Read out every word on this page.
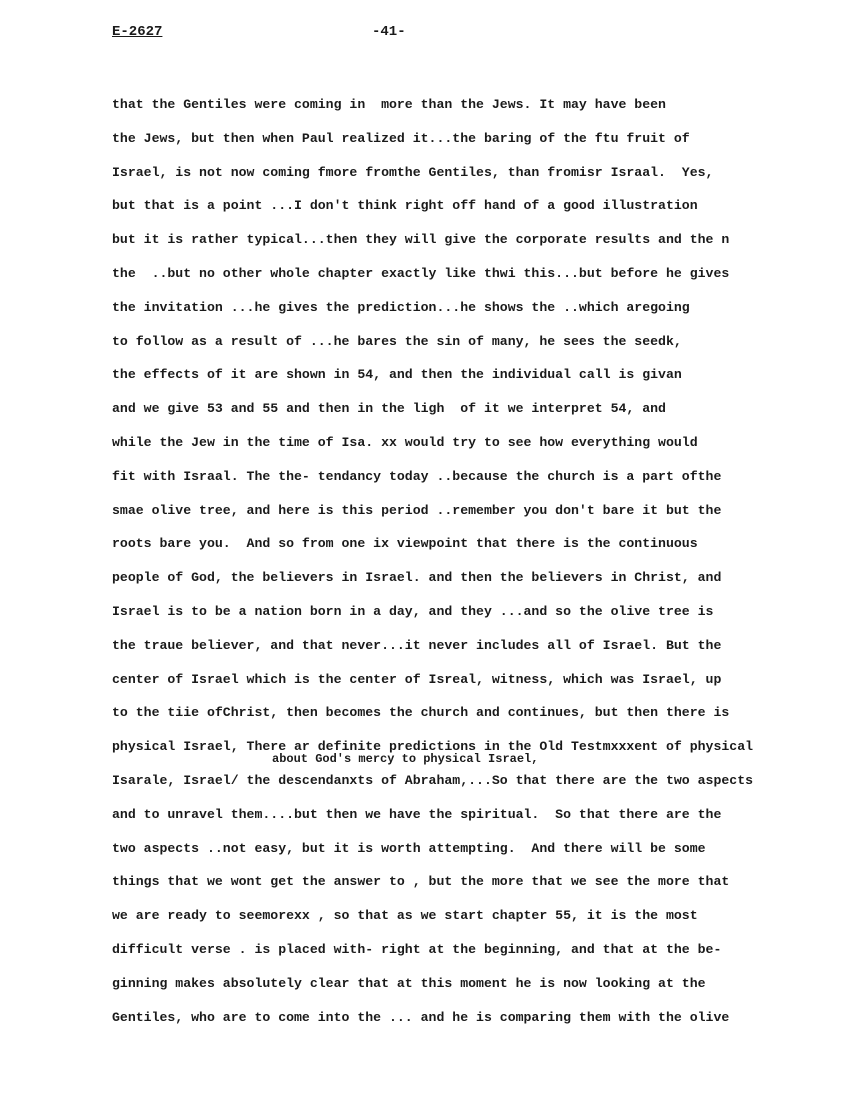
E-2627	-41-
that the Gentiles were coming in  more than the Jews. It may have been
the Jews, but then when Paul realized it...the baring of the ftu fruit of
Israel, is not now coming fmore fromthe Gentiles, than fromisr Israal.  Yes,
but that is a point ...I don't think right off hand of a good illustration
but it is rather typical...then they will give the corporate results and the n
the  ..but no other whole chapter exactly like thwi this...but before he gives
the invitation ...he gives the prediction...he shows the ..which aregoing
to follow as a result of ...he bares the sin of many, he sees the seedk,
the effects of it are shown in 54, and then the individual call is givan
and we give 53 and 55 and then in the ligh  of it we interpret 54, and
while the Jew in the time of Isa. xx would try to see how everything would
fit with Israal. The the- tendancy today ..because the church is a part ofthe
smae olive tree, and here is this period ..remember you don't bare it but the
roots bare you.  And so from one ix viewpoint that there is the continuous
people of God, the believers in Israel. and then the believers in Christ, and
Israel is to be a nation born in a day, and they ...and so the olive tree is
the traue believer, and that never...it never includes all of Israel. But the
center of Israel which is the center of Isreal, witness, which was Israel, up
to the tiie ofChrist, then becomes the church and continues, but then there is
physical Israel, There ar definite predictions in the Old Testmxxxent of physical
Isarale, Israel/ the descendanxts of Abraham,...So that there are the two aspects
and to unravel them....but then we have the spiritual.  So that there are the
two aspects ..not easy, but it is worth attempting.  And there will be some
things that we wont get the answer to , but the more that we see the more that
we are ready to seemorexx , so that as we start chapter 55, it is the most
difficult verse . is placed with- right at the beginning, and that at the be-
ginning makes absolutely clear that at this moment he is now looking at the
Gentiles, who are to come into the ... and he is comparing them with the olive
about God's mercy to physical Israel,
